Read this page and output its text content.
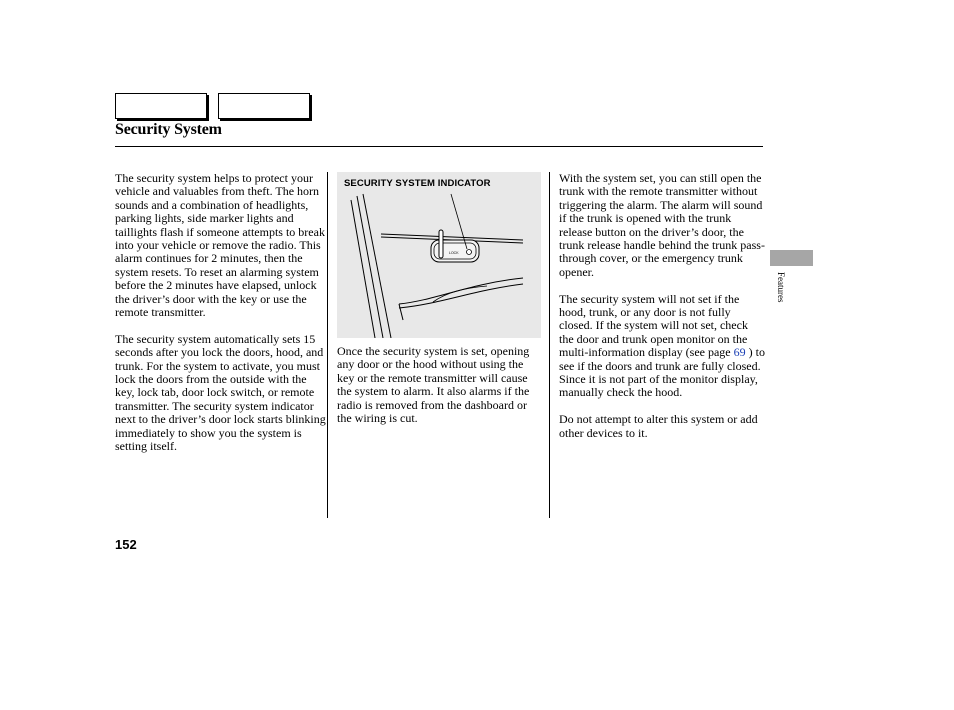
Security System

The security system helps to protect your vehicle and valuables from theft. The horn sounds and a combination of headlights, parking lights, side marker lights and taillights flash if someone attempts to break into your vehicle or remove the radio. This alarm continues for 2 minutes, then the system resets. To reset an alarming system before the 2 minutes have elapsed, unlock the driver’s door with the key or use the remote transmitter.

The security system automatically sets 15 seconds after you lock the doors, hood, and trunk. For the system to activate, you must lock the doors from the outside with the key, lock tab, door lock switch, or remote transmitter. The security system indicator next to the driver’s door lock starts blinking immediately to show you the system is setting itself.

LOCK
SECURITY SYSTEM INDICATOR

Once the security system is set, opening any door or the hood without using the key or the remote transmitter will cause the system to alarm. It also alarms if the radio is removed from the dashboard or the wiring is cut.

With the system set, you can still open the trunk with the remote transmitter without triggering the alarm. The alarm will sound if the trunk is opened with the trunk release button on the driver’s door, the trunk release handle behind the trunk pass-through cover, or the emergency trunk opener.

The security system will not set if the hood, trunk, or any door is not fully closed. If the system will not set, check the door and trunk open monitor on the multi-information display (see page 69 ) to see if the doors and trunk are fully closed. Since it is not part of the monitor display, manually check the hood.

Do not attempt to alter this system or add other devices to it.

Features
152
